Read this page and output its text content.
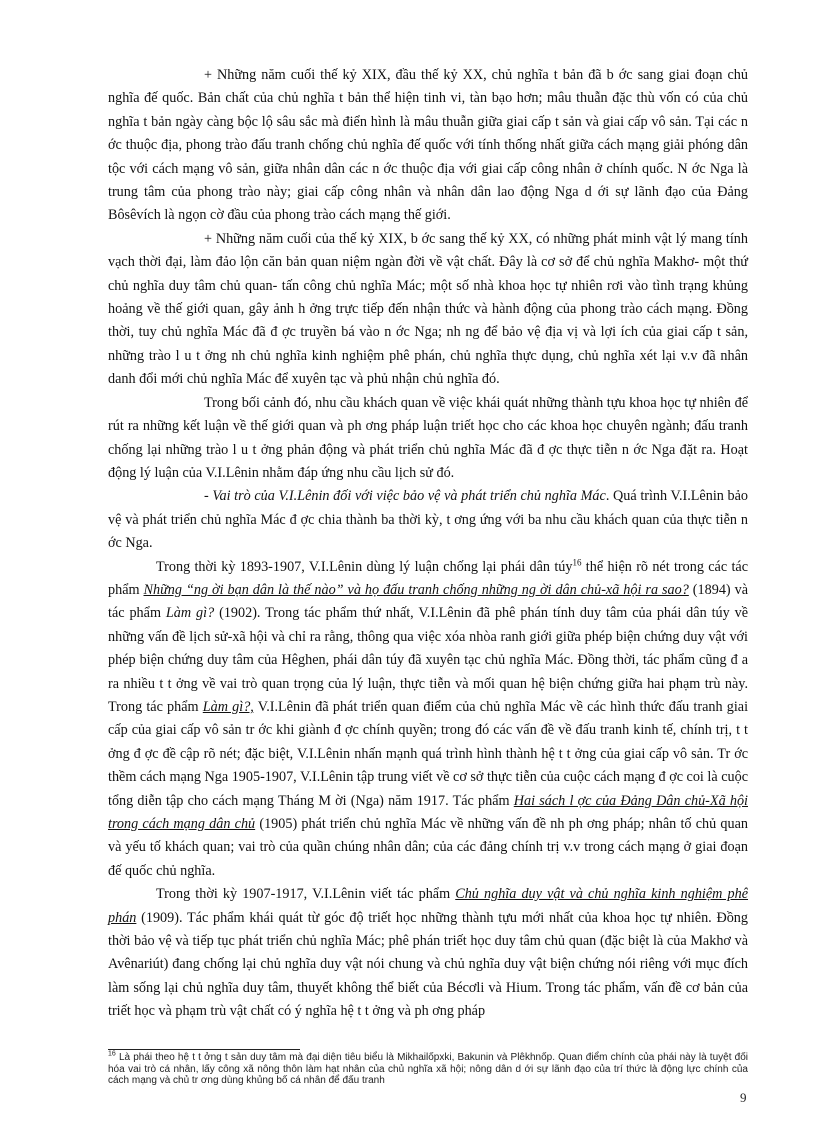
+ Những năm cuối thế kỷ XIX, đầu thế kỷ XX, chủ nghĩa t bản đã b ớc sang giai đoạn chủ nghĩa đế quốc. Bản chất của chủ nghĩa t bản thể hiện tinh vi, tàn bạo hơn; mâu thuẫn đặc thù vốn có của chủ nghĩa t bản ngày càng bộc lộ sâu sắc mà điển hình là mâu thuẫn giữa giai cấp t sản và giai cấp vô sản. Tại các n ớc thuộc địa, phong trào đấu tranh chống chủ nghĩa đế quốc với tính thống nhất giữa cách mạng giải phóng dân tộc với cách mạng vô sản, giữa nhân dân các n ớc thuộc địa với giai cấp công nhân ở chính quốc. N ớc Nga là trung tâm của phong trào này; giai cấp công nhân và nhân dân lao động Nga d ới sự lãnh đạo của Đảng Bôsêvích là ngọn cờ đầu của phong trào cách mạng thế giới.

+ Những năm cuối của thế kỷ XIX, b ớc sang thế kỷ XX, có những phát minh vật lý mang tính vạch thời đại, làm đảo lộn căn bản quan niệm ngàn đời về vật chất. Đây là cơ sở để chủ nghĩa Makhơ- một thứ chủ nghĩa duy tâm chủ quan- tấn công chủ nghĩa Mác; một số nhà khoa học tự nhiên rơi vào tình trạng khủng hoảng về thế giới quan, gây ảnh h ởng trực tiếp đến nhận thức và hành động của phong trào cách mạng. Đồng thời, tuy chủ nghĩa Mác đã đ ợc truyền bá vào n ớc Nga; nh ng để bảo vệ địa vị và lợi ích của giai cấp t sản, những trào l u t ởng nh chủ nghĩa kinh nghiệm phê phán, chủ nghĩa thực dụng, chủ nghĩa xét lại v.v đã nhân danh đổi mới chủ nghĩa Mác để xuyên tạc và phủ nhận chủ nghĩa đó.

Trong bối cảnh đó, nhu cầu khách quan về việc khái quát những thành tựu khoa học tự nhiên để rút ra những kết luận về thế giới quan và ph ơng pháp luận triết học cho các khoa học chuyên ngành; đấu tranh chống lại những trào l u t ởng phản động và phát triển chủ nghĩa Mác đã đ ợc thực tiễn n ớc Nga đặt ra. Hoạt động lý luận của V.I.Lênin nhằm đáp ứng nhu cầu lịch sử đó.

- Vai trò của V.I.Lênin đối với việc bảo vệ và phát triển chủ nghĩa Mác. Quá trình V.I.Lênin bảo vệ và phát triển chủ nghĩa Mác đ ợc chia thành ba thời kỳ, t ơng ứng với ba nhu cầu khách quan của thực tiễn n ớc Nga.

Trong thời kỳ 1893-1907, V.I.Lênin dùng lý luận chống lại phái dân túy$^{16}$ thể hiện rõ nét trong các tác phẩm Những “ng ời bạn dân là thế nào” và họ đấu tranh chống những ng ời dân chủ-xã hội ra sao? (1894) và tác phẩm Làm gì? (1902). Trong tác phẩm thứ nhất, V.I.Lênin đã phê phán tính duy tâm của phái dân túy về những vấn đề lịch sử-xã hội và chỉ ra rằng, thông qua việc xóa nhòa ranh giới giữa phép biện chứng duy vật với phép biện chứng duy tâm của Hêghen, phái dân túy đã xuyên tạc chủ nghĩa Mác. Đồng thời, tác phẩm cũng đ a ra nhiều t t ởng về vai trò quan trọng của lý luận, thực tiễn và mối quan hệ biện chứng giữa hai phạm trù này. Trong tác phẩm Làm gì?, V.I.Lênin đã phát triển quan điểm của chủ nghĩa Mác về các hình thức đấu tranh giai cấp của giai cấp vô sản tr ớc khi giành đ ợc chính quyền; trong đó các vấn đề về đấu tranh kinh tế, chính trị, t t ởng đ ợc đề cập rõ nét; đặc biệt, V.I.Lênin nhấn mạnh quá trình hình thành hệ t t ởng của giai cấp vô sản. Tr ớc thềm cách mạng Nga 1905-1907, V.I.Lênin tập trung viết về cơ sở thực tiễn của cuộc cách mạng đ ợc coi là cuộc tổng diễn tập cho cách mạng Tháng M ời (Nga) năm 1917. Tác phẩm Hai sách l ợc của Đảng Dân chủ-Xã hội trong cách mạng dân chủ (1905) phát triển chủ nghĩa Mác về những vấn đề nh ph ơng pháp; nhân tố chủ quan và yếu tố khách quan; vai trò của quần chúng nhân dân; của các đảng chính trị v.v trong cách mạng ở giai đoạn đế quốc chủ nghĩa.

Trong thời kỳ 1907-1917, V.I.Lênin viết tác phẩm Chủ nghĩa duy vật và chủ nghĩa kinh nghiệm phê phán (1909). Tác phẩm khái quát từ góc độ triết học những thành tựu mới nhất của khoa học tự nhiên. Đồng thời bảo vệ và tiếp tục phát triển chủ nghĩa Mác; phê phán triết học duy tâm chủ quan (đặc biệt là của Makhơ và Avênariút) đang chống lại chủ nghĩa duy vật nói chung và chủ nghĩa duy vật biện chứng nói riêng với mục đích làm sống lại chủ nghĩa duy tâm, thuyết không thể biết của Bécơli và Hium. Trong tác phẩm, vấn đề cơ bản của triết học và phạm trù vật chất có ý nghĩa hệ t t ởng và ph ơng pháp

$^{16}$ Là phái theo hệ t t ởng t sản duy tâm mà đại diện tiêu biểu là Mikhailốpxki, Bakunin và Plêkhnốp. Quan điểm chính của phái này là tuyệt đối hóa vai trò cá nhân, lấy công xã nông thôn làm hạt nhân của chủ nghĩa xã hội; nông dân d ới sự lãnh đạo của trí thức là động lực chính của cách mạng và chủ tr ơng dùng khủng bố cá nhân để đấu tranh
9
